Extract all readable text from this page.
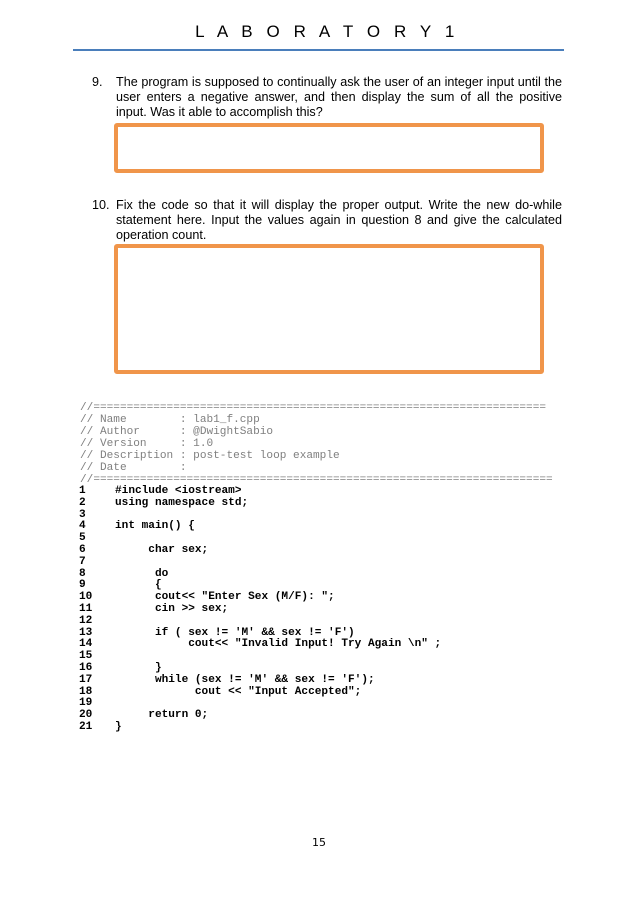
L A B O R A T O R Y 1
9. The program is supposed to continually ask the user of an integer input until the user enters a negative answer, and then display the sum of all the positive input. Was it able to accomplish this?
10. Fix the code so that it will display the proper output. Write the new do-while statement here. Input the values again in question 8 and give the calculated operation count.
//====================================================================
// Name        : lab1_f.cpp
// Author      : @DwightSabio
// Version     : 1.0
// Description : post-test loop example
// Date        :
//=====================================================================
1	#include <iostream>
2	using namespace std;
3
4	int main() {
5
6	char sex;
7
8	do
9	{
10 cout<< "Enter Sex (M/F): ";
11 cin >> sex;
12
13 if ( sex != 'M' && sex != 'F')
14 cout<< "Invalid Input! Try Again \n" ;
15
16 }
17 while (sex != 'M' && sex != 'F');
18 cout << "Input Accepted";
19
20 return 0;
21 }
15
